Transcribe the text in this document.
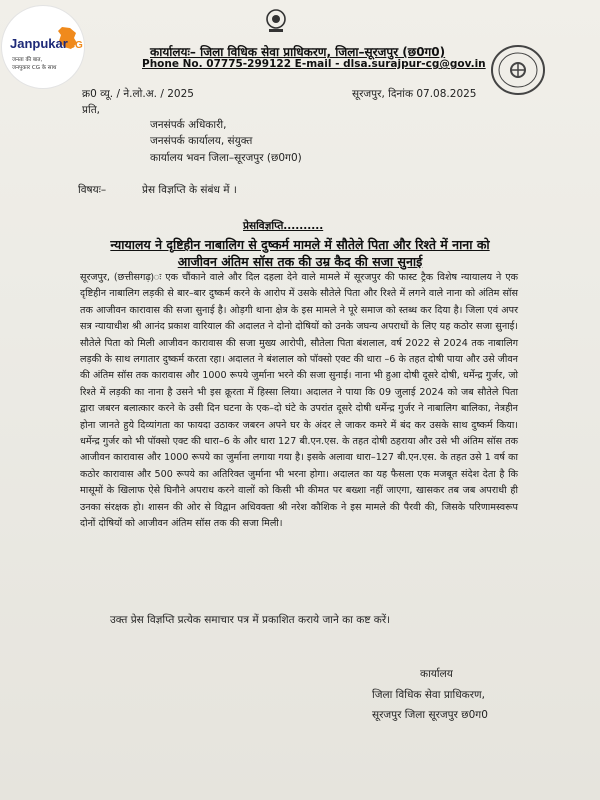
JanpukarCG
जनता की बात,
जनपुकार CG के साथ
कार्यालयः– जिला विधिक सेवा प्राधिकरण, जिला–सूरजपुर (छ0ग0)
Phone No. 07775-299122 E-mail - dlsa.surajpur-cg@gov.in
क्र0 व्यू. / ने.लो.अ. / 2025	सूरजपुर, दिनांक 07.08.2025
प्रति,
जनसंपर्क अधिकारी,
जनसंपर्क कार्यालय, संयुक्त
कार्यालय भवन जिला–सूरजपुर (छ0ग0)
विषयः–	प्रेस विज्ञप्ति के संबंध में ।
प्रेसविज्ञप्ति..........
न्यायालय ने दृष्टिहीन नाबालिग से दुष्कर्म मामले में सौतेले पिता और रिश्ते में नाना को
आजीवन अंतिम सॉस तक की उम्र कैद की सजा सुनाई
सूरजपुर, (छत्तीसगढ़)ः एक चौंकाने वाले और दिल दहला देने वाले मामले में सूरजपुर की फास्ट ट्रैक विशेष न्यायालय ने एक दृष्टिहीन नाबालिग लड़की से बार–बार दुष्कर्म करने के आरोप में उसके सौतेले पिता और रिश्ते में लगने वाले नाना को अंतिम सॉस तक आजीवन कारावास की सजा सुनाई है। ओड़गी थाना क्षेत्र के इस मामले ने पूरे समाज को स्तब्ध कर दिया है। जिला एवं अपर सत्र न्यायाधीश श्री आनंद प्रकाश वारियाल की अदालत ने दोनो दोषियों को उनके जघन्य अपराधों के लिए यह कठोर सजा सुनाई। सौतेले पिता को मिली आजीवन कारावास की सजा मुख्य आरोपी, सौतेला पिता बंशलाल, वर्ष 2022 से 2024 तक नाबालिग लड़की के साथ लगातार दुष्कर्म करता रहा। अदालत ने बंशलाल को पॉक्सो एक्ट की धारा –6 के तहत दोषी पाया और उसे जीवन की अंतिम सॉस तक कारावास और 1000 रूपये जुर्माना भरने की सजा सुनाई। नाना भी हुआ दोषी दूसरे दोषी, धर्मेन्द्र गुर्जर, जो रिश्ते में लड़की का नाना है उसने भी इस क्रूरता में हिस्सा लिया। अदालत ने पाया कि 09 जुलाई 2024 को जब सौतेले पिता द्वारा जबरन बलात्कार करने के उसी दिन घटना के एक–दो घंटे के उपरांत दूसरे दोषी धर्मेन्द्र गुर्जर ने नाबालिग बालिका, नेत्रहीन होना जानते हुये दिव्यांगता का फायदा उठाकर जबरन अपने घर के अंदर ले जाकर कमरे में बंद कर उसके साथ दुष्कर्म किया। धर्मेन्द्र गुर्जर को भी पॉक्सो एक्ट की धारा–6 के और धारा 127 बी.एन.एस. के तहत दोषी ठहराया और उसे भी अंतिम सॉस तक आजीवन कारावास और 1000 रूपये का जुर्माना लगाया गया है। इसके अलावा धारा–127 बी.एन.एस. के तहत उसे 1 वर्ष का कठोर कारावास और 500 रूपये का अतिरिक्त जुर्माना भी भरना होगा। अदालत का यह फैसला एक मजबूत संदेश देता है कि मासूमों के खिलाफ ऐसे घिनौने अपराध करने वालों को किसी भी कीमत पर बख्शा नहीं जाएगा, खासकर तब जब अपराधी ही उनका संरक्षक हो। शासन की ओर से विद्वान अधिवक्ता श्री नरेश कौशिक ने इस मामले की पैरवी की, जिसके परिणामस्वरूप दोनों दोषियों को आजीवन अंतिम सॉस तक की सजा मिली।
उक्त प्रेस विज्ञप्ति प्रत्येक समाचार पत्र में प्रकाशित कराये जाने का कष्ट करें।
कार्यालय
जिला विधिक सेवा प्राधिकरण,
सूरजपुर जिला सूरजपुर छ0ग0
